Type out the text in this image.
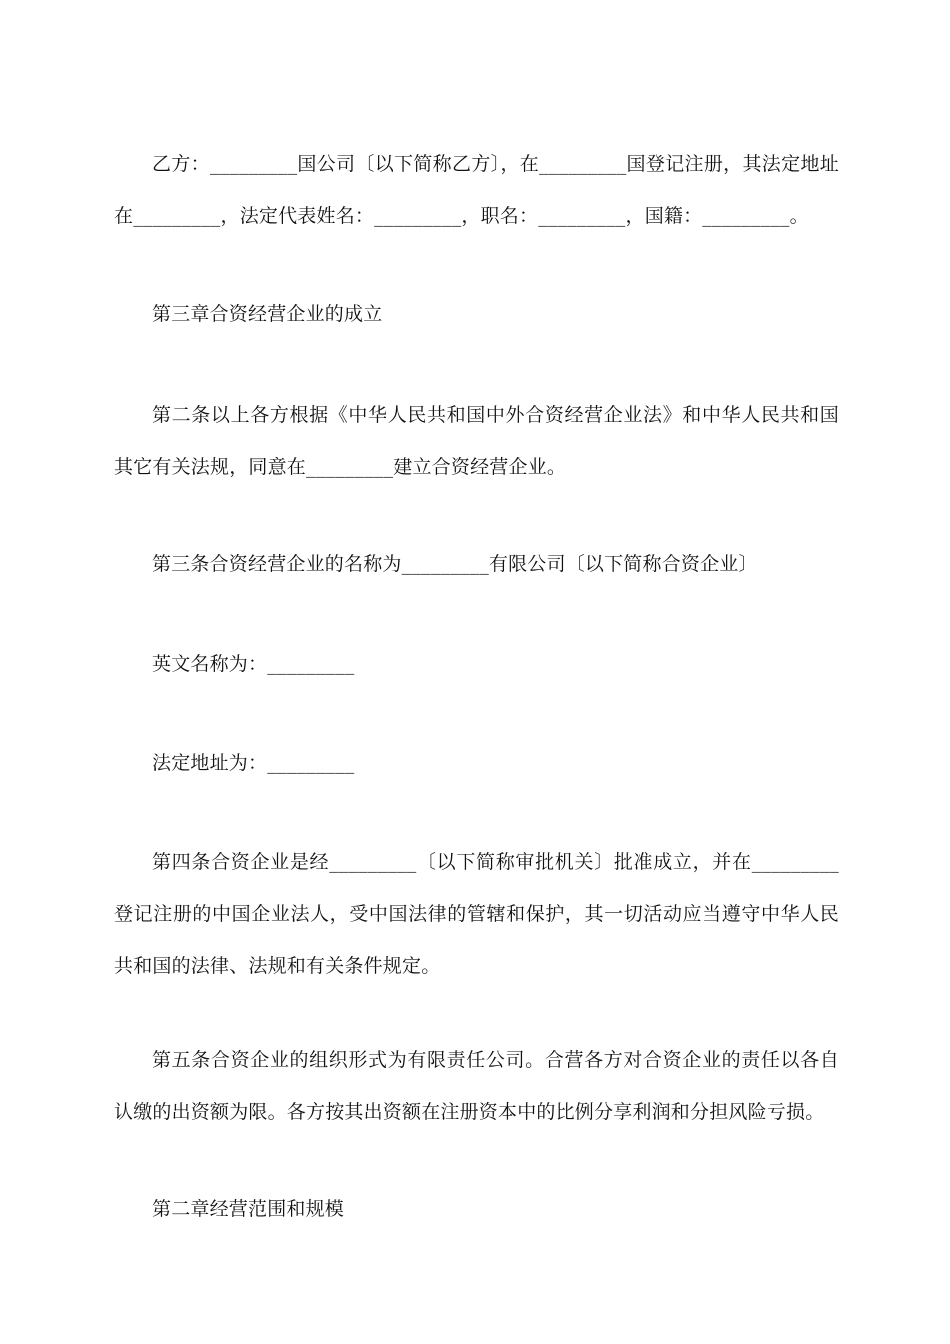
乙方：_________国公司〔以下简称乙方〕，在_________国登记注册，其法定地址在_________，法定代表姓名：_________，职名：_________，国籍：_________。

第三章合资经营企业的成立

第二条以上各方根据《中华人民共和国中外合资经营企业法》和中华人民共和国其它有关法规，同意在_________建立合资经营企业。

第三条合资经营企业的名称为_________有限公司〔以下简称合资企业〕

英文名称为：_________

法定地址为：_________

第四条合资企业是经_________〔以下简称审批机关〕批准成立，并在_________登记注册的中国企业法人，受中国法律的管辖和保护，其一切活动应当遵守中华人民共和国的法律、法规和有关条件规定。

第五条合资企业的组织形式为有限责任公司。合营各方对合资企业的责任以各自认缴的出资额为限。各方按其出资额在注册资本中的比例分享利润和分担风险亏损。

第二章经营范围和规模
